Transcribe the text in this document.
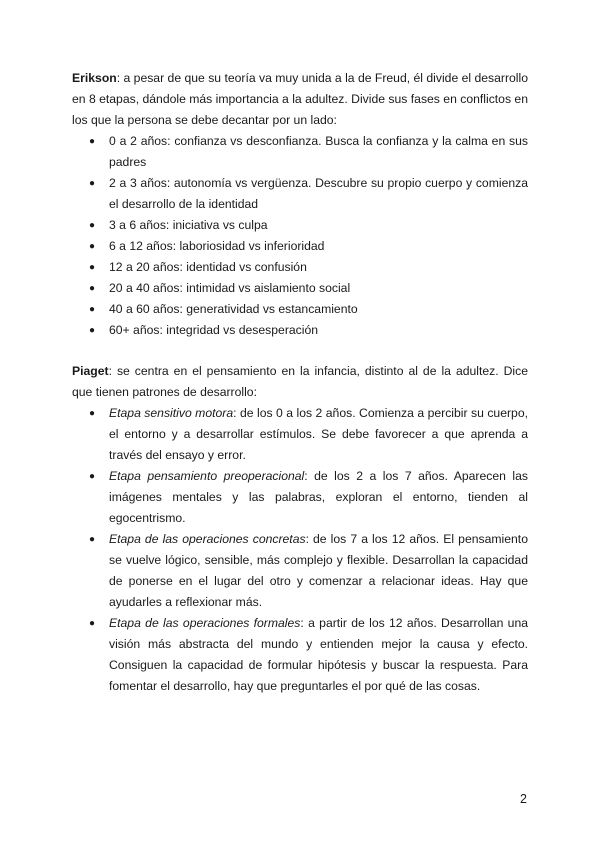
Erikson: a pesar de que su teoría va muy unida a la de Freud, él divide el desarrollo en 8 etapas, dándole más importancia a la adultez. Divide sus fases en conflictos en los que la persona se debe decantar por un lado:

● 0 a 2 años: confianza vs desconfianza. Busca la confianza y la calma en sus padres
● 2 a 3 años: autonomía vs vergüenza. Descubre su propio cuerpo y comienza el desarrollo de la identidad
● 3 a 6 años: iniciativa vs culpa
● 6 a 12 años: laboriosidad vs inferioridad
● 12 a 20 años: identidad vs confusión
● 20 a 40 años: intimidad vs aislamiento social
● 40 a 60 años: generatividad vs estancamiento
● 60+ años: integridad vs desesperación

Piaget: se centra en el pensamiento en la infancia, distinto al de la adultez. Dice que tienen patrones de desarrollo:

● Etapa sensitivo motora: de los 0 a los 2 años. Comienza a percibir su cuerpo, el entorno y a desarrollar estímulos. Se debe favorecer a que aprenda a través del ensayo y error.
● Etapa pensamiento preoperacional: de los 2 a los 7 años. Aparecen las imágenes mentales y las palabras, exploran el entorno, tienden al egocentrismo.
● Etapa de las operaciones concretas: de los 7 a los 12 años. El pensamiento se vuelve lógico, sensible, más complejo y flexible. Desarrollan la capacidad de ponerse en el lugar del otro y comenzar a relacionar ideas. Hay que ayudarles a reflexionar más.
● Etapa de las operaciones formales: a partir de los 12 años. Desarrollan una visión más abstracta del mundo y entienden mejor la causa y efecto. Consiguen la capacidad de formular hipótesis y buscar la respuesta. Para fomentar el desarrollo, hay que preguntarles el por qué de las cosas.
2
